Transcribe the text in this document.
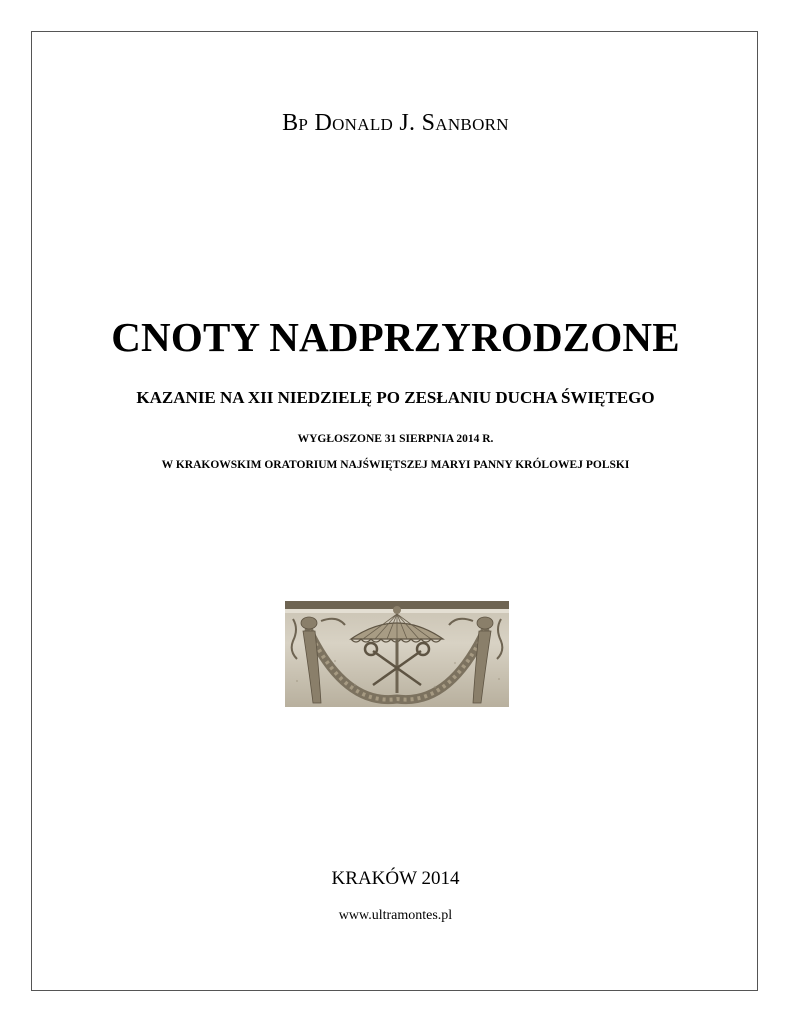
Bp Donald J. Sanborn
CNOTY NADPRZYRODZONE
KAZANIE NA XII NIEDZIELĘ PO ZESŁANIU DUCHA ŚWIĘTEGO
WYGŁOSZONE 31 SIERPNIA 2014 R.
W KRAKOWSKIM ORATORIUM NAJŚWIĘTSZEJ MARYI PANNY KRÓLOWEJ POLSKI
KRAKÓW 2014
www.ultramontes.pl
